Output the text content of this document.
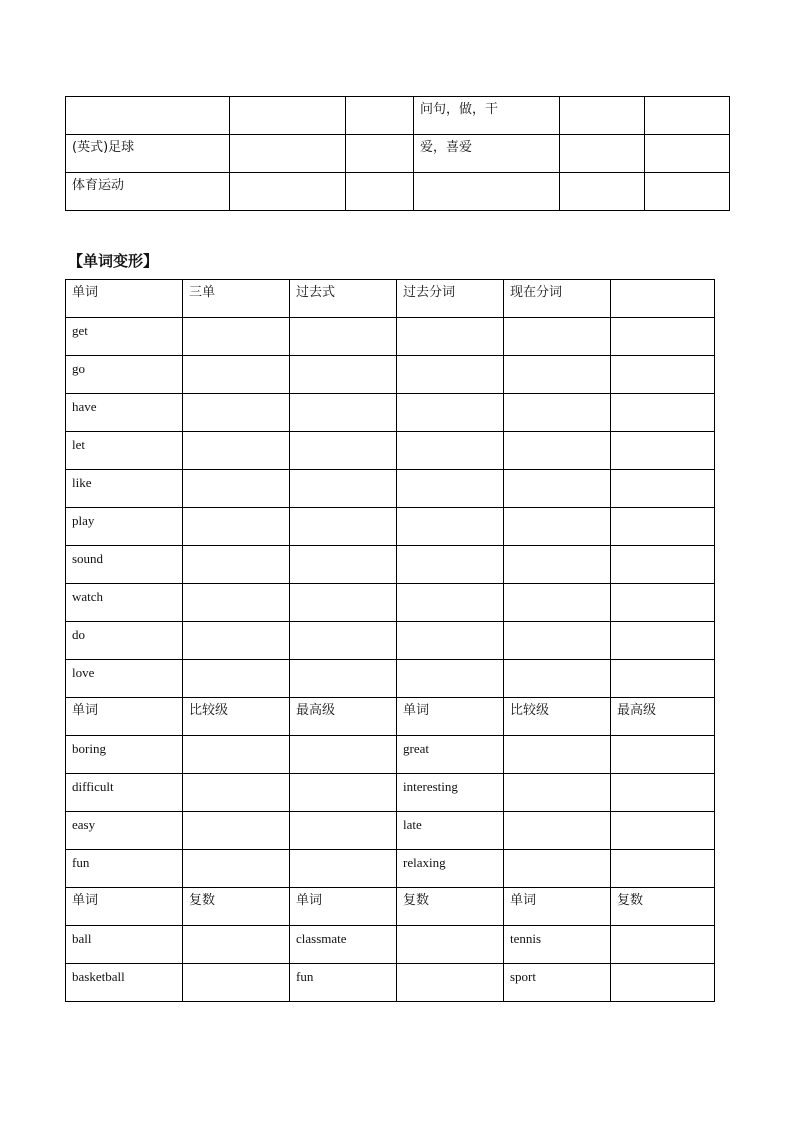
			问句，做，干		
(英式)足球			爱，喜爱		
体育运动					
【单词变形】
单词	三单	过去式	过去分词	现在分词	
get					
go					
have					
let					
like					
play					
sound					
watch					
do					
love					
单词	比较级	最高级	单词	比较级	最高级
boring			great		
difficult			interesting		
easy			late		
fun			relaxing		
单词	复数	单词	复数	单词	复数
ball		classmate		tennis	
basketball		fun		sport	
